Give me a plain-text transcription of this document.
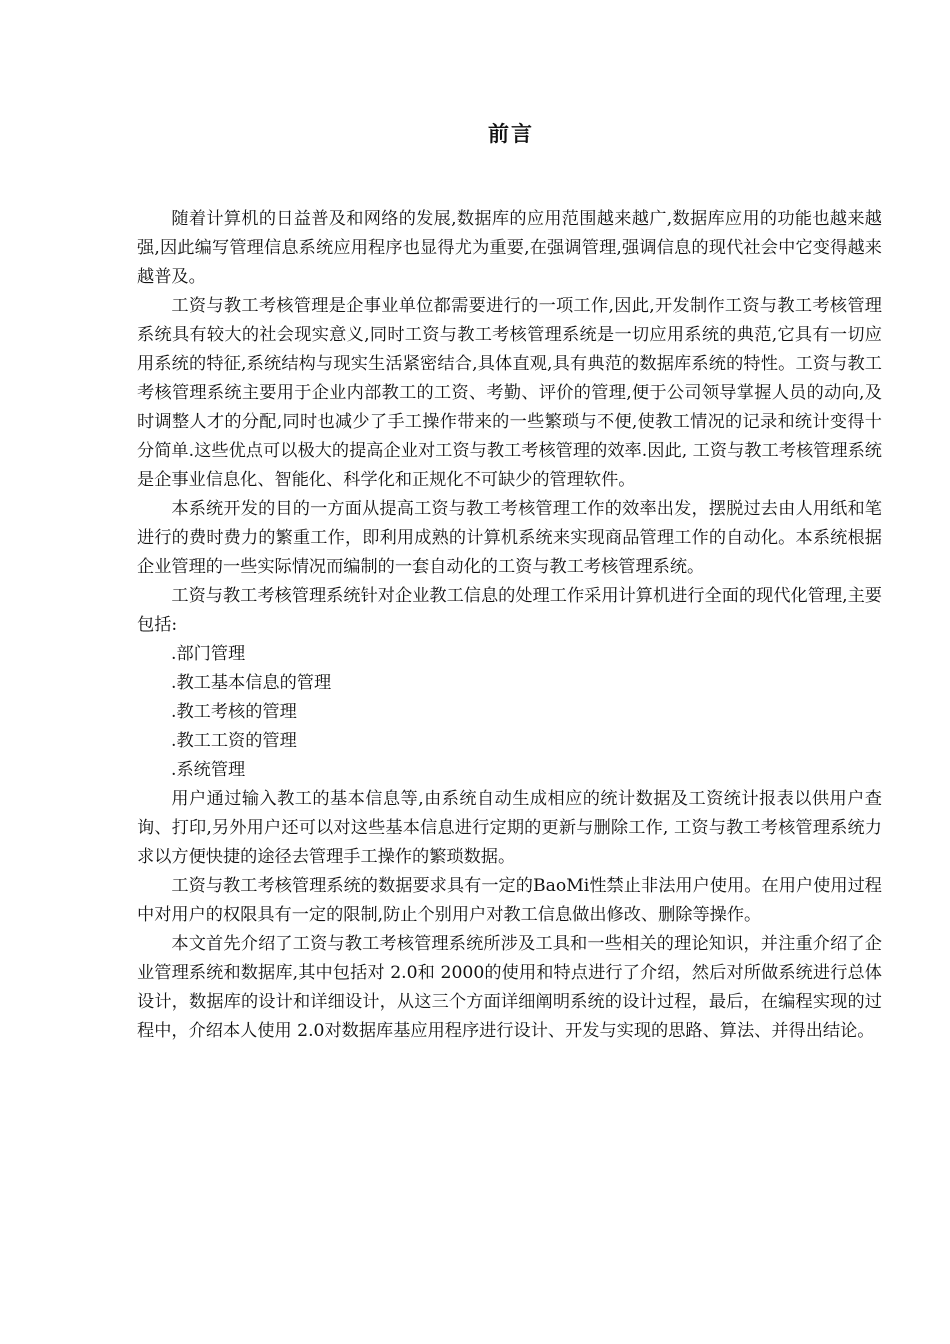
前言

随着计算机的日益普及和网络的发展,数据库的应用范围越来越广,数据库应用的功能也越来越强,因此编写管理信息系统应用程序也显得尤为重要,在强调管理,强调信息的现代社会中它变得越来越普及。

工资与教工考核管理是企事业单位都需要进行的一项工作,因此,开发制作工资与教工考核管理系统具有较大的社会现实意义,同时工资与教工考核管理系统是一切应用系统的典范,它具有一切应用系统的特征,系统结构与现实生活紧密结合,具体直观,具有典范的数据库系统的特性。工资与教工考核管理系统主要用于企业内部教工的工资、考勤、评价的管理,便于公司领导掌握人员的动向,及时调整人才的分配,同时也减少了手工操作带来的一些繁琐与不便,使教工情况的记录和统计变得十分简单.这些优点可以极大的提高企业对工资与教工考核管理的效率.因此, 工资与教工考核管理系统是企事业信息化、智能化、科学化和正规化不可缺少的管理软件。

本系统开发的目的一方面从提高工资与教工考核管理工作的效率出发，摆脱过去由人用纸和笔进行的费时费力的繁重工作，即利用成熟的计算机系统来实现商品管理工作的自动化。本系统根据企业管理的一些实际情况而编制的一套自动化的工资与教工考核管理系统。

工资与教工考核管理系统针对企业教工信息的处理工作采用计算机进行全面的现代化管理,主要包括:

.部门管理
.教工基本信息的管理
.教工考核的管理
.教工工资的管理
.系统管理

用户通过输入教工的基本信息等,由系统自动生成相应的统计数据及工资统计报表以供用户查询、打印,另外用户还可以对这些基本信息进行定期的更新与删除工作, 工资与教工考核管理系统力求以方便快捷的途径去管理手工操作的繁琐数据。

工资与教工考核管理系统的数据要求具有一定的BaoMi性禁止非法用户使用。在用户使用过程中对用户的权限具有一定的限制,防止个别用户对教工信息做出修改、删除等操作。

本文首先介绍了工资与教工考核管理系统所涉及工具和一些相关的理论知识，并注重介绍了企业管理系统和数据库,其中包括对 2.0和 2000的使用和特点进行了介绍，然后对所做系统进行总体设计，数据库的设计和详细设计，从这三个方面详细阐明系统的设计过程，最后，在编程实现的过程中，介绍本人使用 2.0对数据库基应用程序进行设计、开发与实现的思路、算法、并得出结论。
